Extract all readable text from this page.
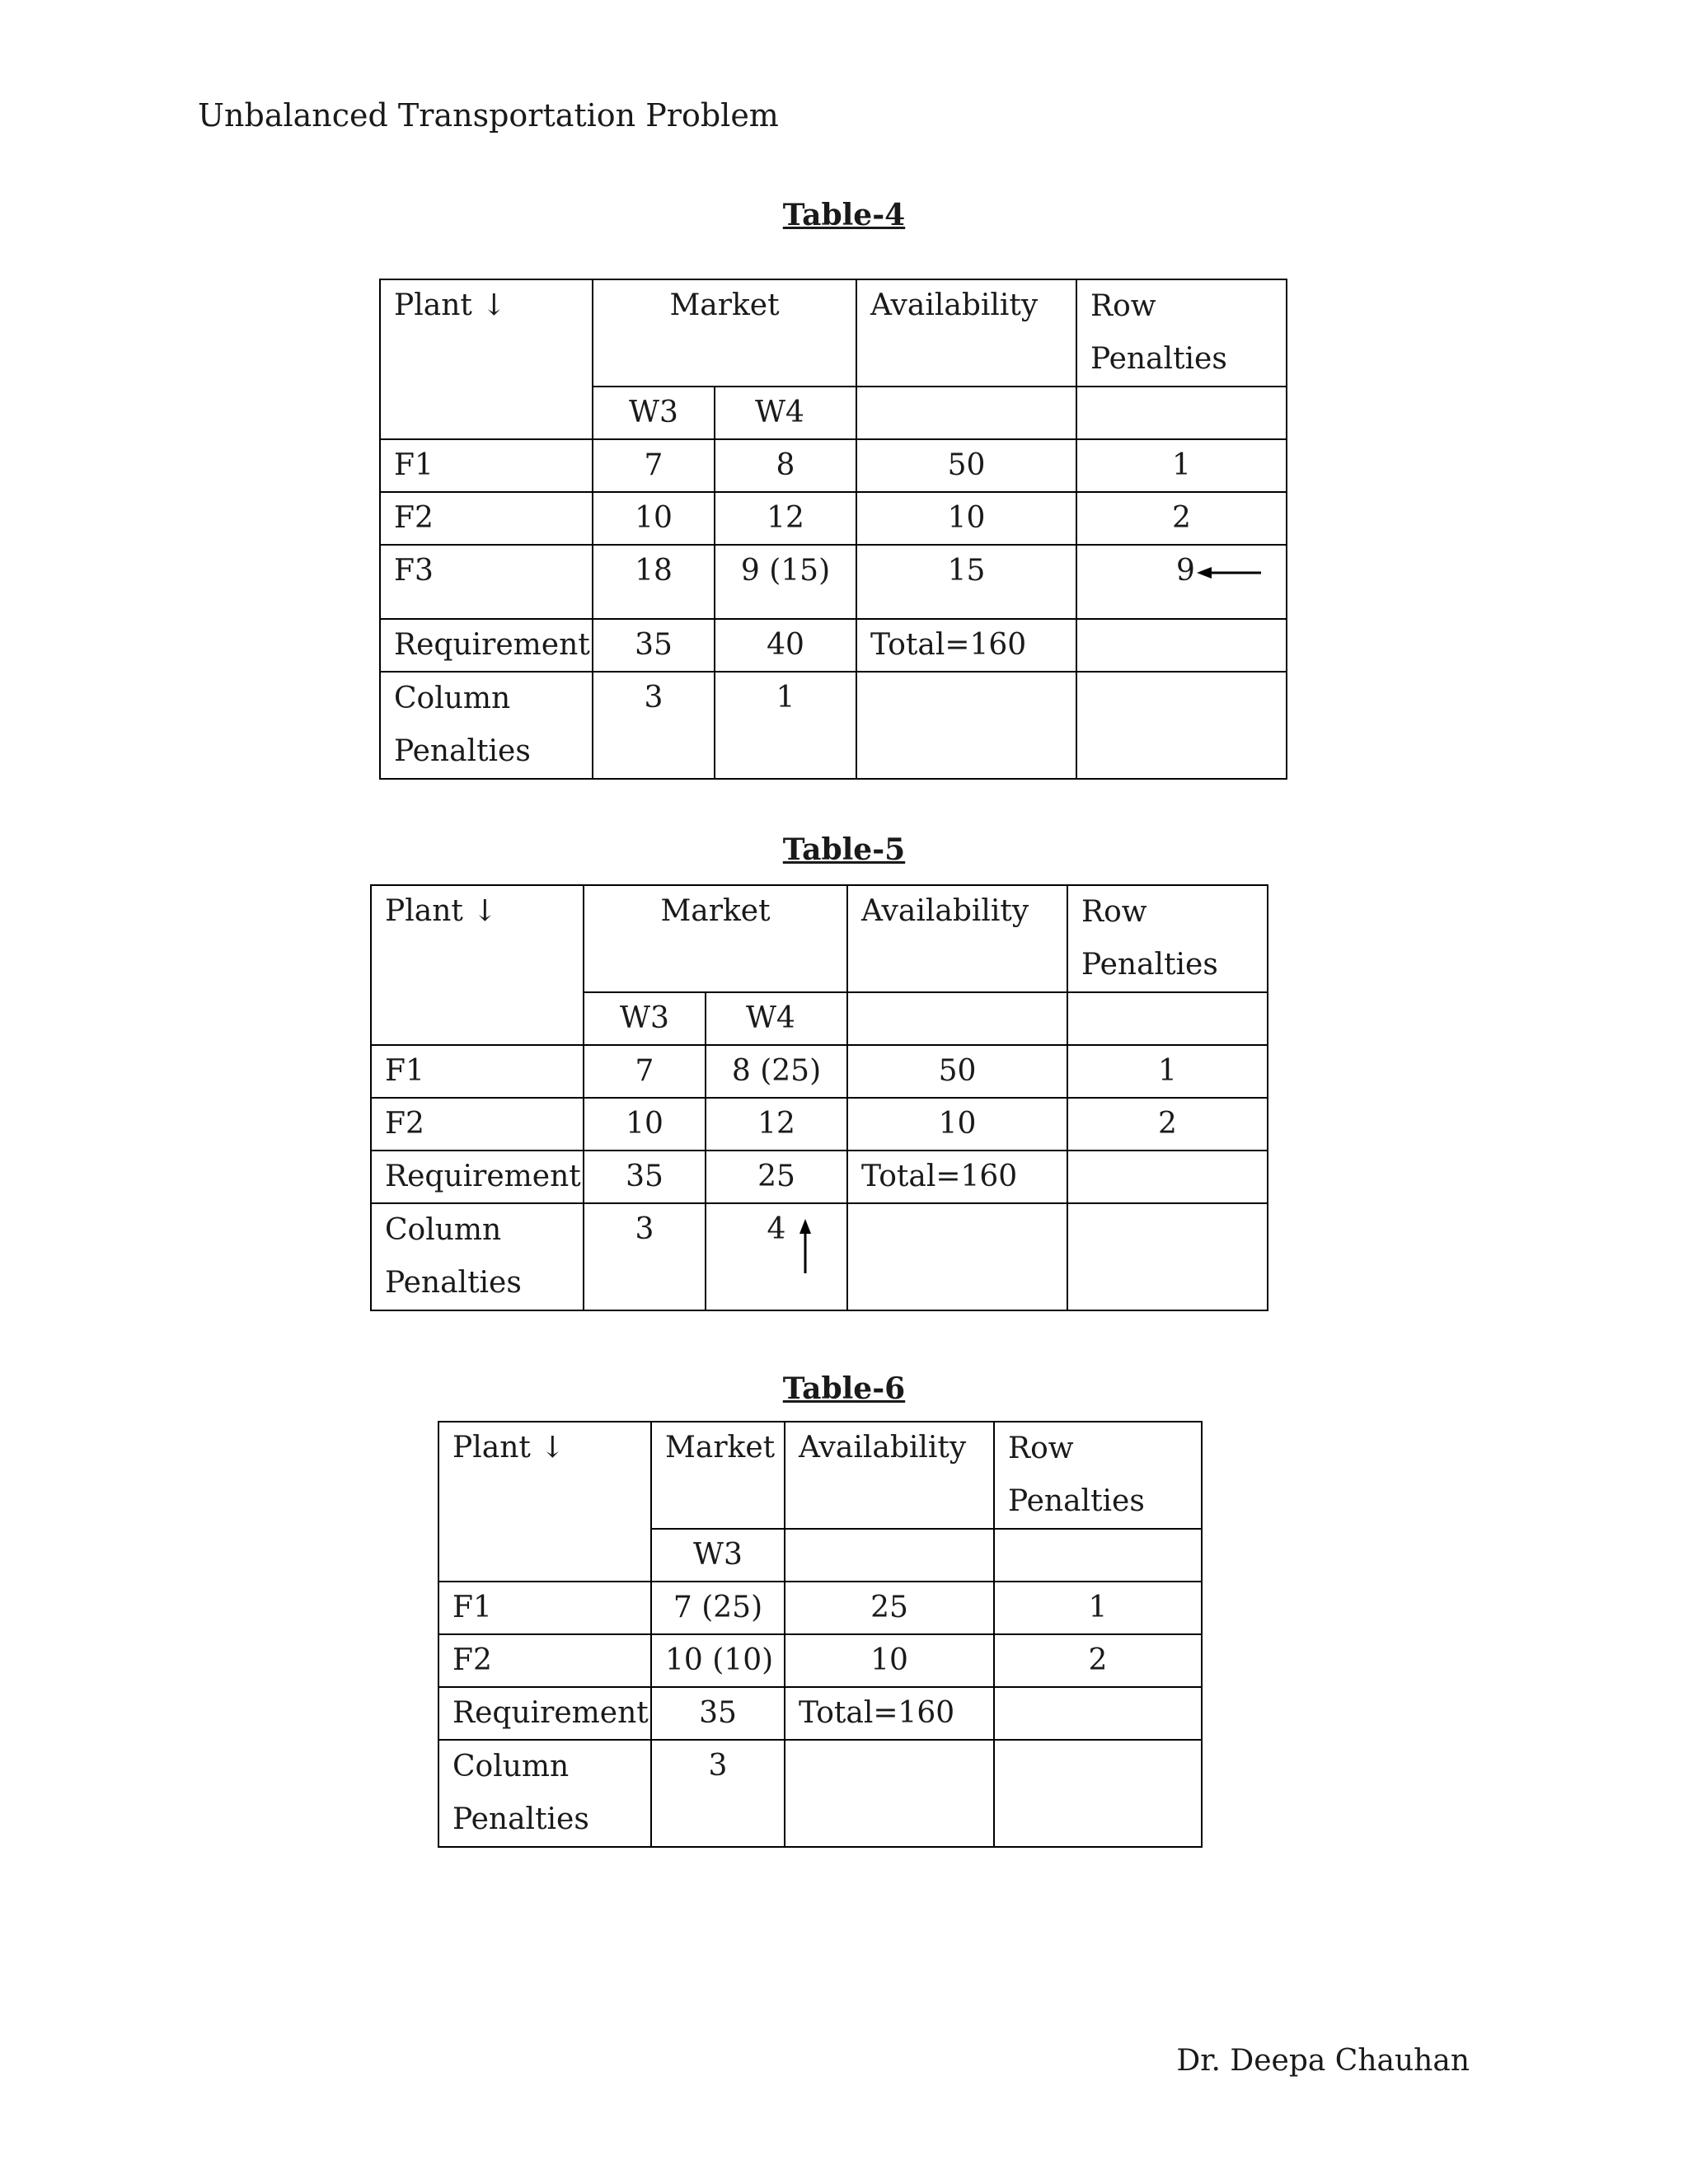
Unbalanced Transportation Problem
Table-4
Plant ↓	Market		Availability	Row
Penalties
	W3	W4		
F1	7	8	50	1
F2	10	12	10	2
F3	18	9 (15)	15	9
Requirement	35	40	Total=160	
Column
Penalties	3	1		
Table-5
Plant ↓	Market		Availability	Row
Penalties
	W3	W4		
F1	7	8 (25)	50	1
F2	10	12	10	2
Requirement	35	25	Total=160	
Column
Penalties	3	4

Table-6
Plant ↓	Market	Availability	Row
Penalties
	W3		
F1	7 (25)	25	1
F2	10 (10)	10	2
Requirement	35	Total=160	
Column
Penalties	3		
Dr. Deepa Chauhan
